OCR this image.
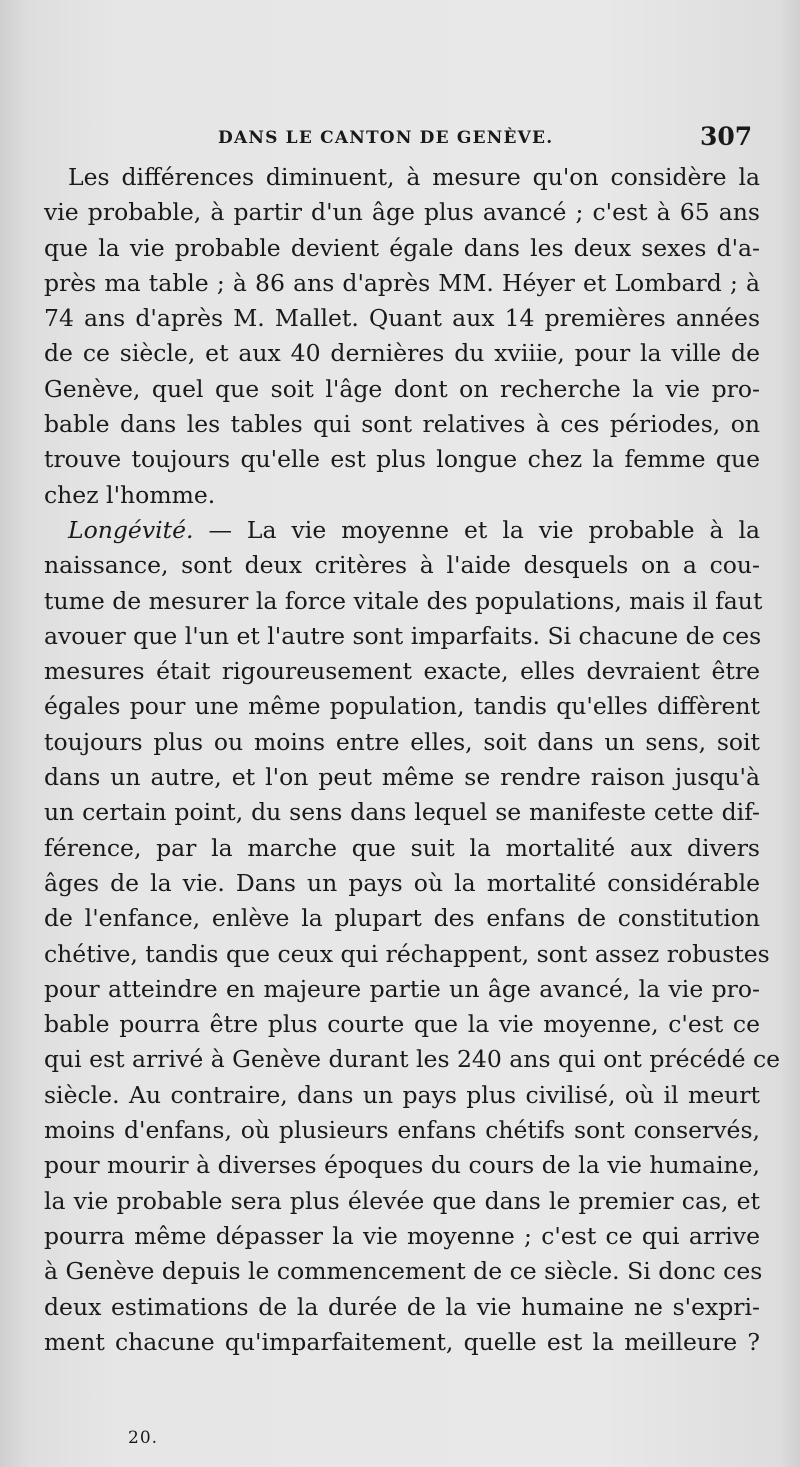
DANS LE CANTON DE GENÈVE.	307
Les différences diminuent, à mesure qu'on considère la
vie probable, à partir d'un âge plus avancé ; c'est à 65 ans
que la vie probable devient égale dans les deux sexes d'a-
près ma table ; à 86 ans d'après MM. Héyer et Lombard ; à
74 ans d'après M. Mallet. Quant aux 14 premières années
de ce siècle, et aux 40 dernières du xviiie, pour la ville de
Genève, quel que soit l'âge dont on recherche la vie pro-
bable dans les tables qui sont relatives à ces périodes, on
trouve toujours qu'elle est plus longue chez la femme que
chez l'homme.
Longévité. — La vie moyenne et la vie probable à la
naissance, sont deux critères à l'aide desquels on a cou-
tume de mesurer la force vitale des populations, mais il faut
avouer que l'un et l'autre sont imparfaits. Si chacune de ces
mesures était rigoureusement exacte, elles devraient être
égales pour une même population, tandis qu'elles diffèrent
toujours plus ou moins entre elles, soit dans un sens, soit
dans un autre, et l'on peut même se rendre raison jusqu'à
un certain point, du sens dans lequel se manifeste cette dif-
férence, par la marche que suit la mortalité aux divers
âges de la vie. Dans un pays où la mortalité considérable
de l'enfance, enlève la plupart des enfans de constitution
chétive, tandis que ceux qui réchappent, sont assez robustes
pour atteindre en majeure partie un âge avancé, la vie pro-
bable pourra être plus courte que la vie moyenne, c'est ce
qui est arrivé à Genève durant les 240 ans qui ont précédé ce
siècle. Au contraire, dans un pays plus civilisé, où il meurt
moins d'enfans, où plusieurs enfans chétifs sont conservés,
pour mourir à diverses époques du cours de la vie humaine,
la vie probable sera plus élevée que dans le premier cas, et
pourra même dépasser la vie moyenne ; c'est ce qui arrive
à Genève depuis le commencement de ce siècle. Si donc ces
deux estimations de la durée de la vie humaine ne s'expri-
ment chacune qu'imparfaitement, quelle est la meilleure ?
20.
